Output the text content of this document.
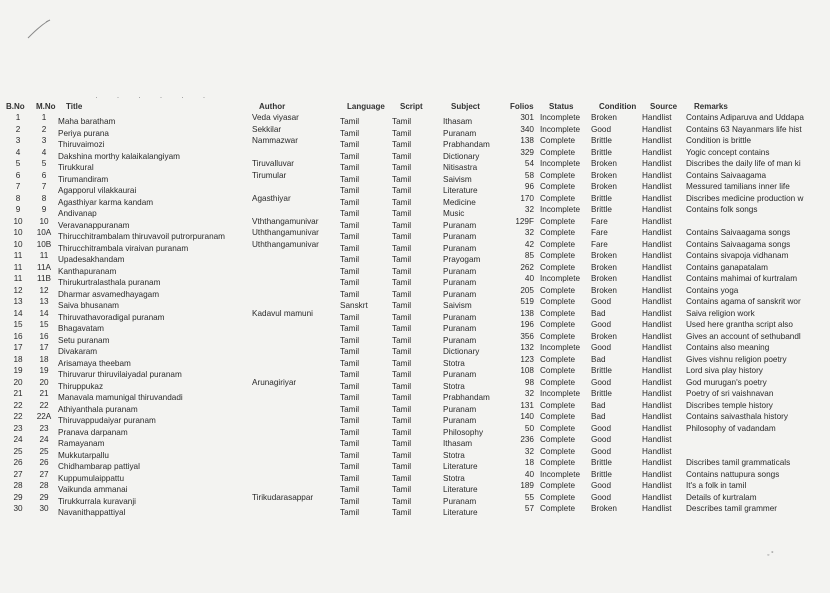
· · · · · ·
B.No M.No Title	Author	Language Script	Subject	Folios Status	Condition Source Remarks
1	1	Maha baratham	Veda viyasar	Tamil	Tamil	Ithasam	301	Incomplete	Broken	Handlist	Contains Adiparuva and Uddapa
2	2	Periya purana	Sekkilar	Tamil	Tamil	Puranam	340	Incomplete	Good	Handlist	Contains 63 Nayanmars life hist
3	3	Thiruvaimozi	Nammazwar	Tamil	Tamil	Prabhandam	138	Complete	Brittle	Handlist	Condition is brittle
4	4	Dakshina morthy kalaikalangiyam		Tamil	Tamil	Dictionary	329	Complete	Brittle	Handlist	Yogic concept contains
5	5	Tirukkural	Tiruvalluvar	Tamil	Tamil	Nitisastra	54	Incomplete	Broken	Handlist	Discribes the daily life of man ki
6	6	Tirumandiram	Tirumular	Tamil	Tamil	Saivism	58	Complete	Broken	Handlist	Contains Saivaagama
7	7	Agapporul vilakkaurai		Tamil	Tamil	Literature	96	Complete	Broken	Handlist	Messured tamilians inner life
8	8	Agasthiyar karma kandam	Agasthiyar	Tamil	Tamil	Medicine	170	Complete	Brittle	Handlist	Discribes medicine production w
9	9	Andivanap		Tamil	Tamil	Music	32	Incomplete	Brittle	Handlist	Contains folk songs
10	10	Veravanappuranam	Vththangamunivar	Tamil	Tamil	Puranam	129F	Complete	Fare	Handlist	
10	10A	Thirucchitrambalam thiruvavoil putrorpuranam	Uththangamunivar	Tamil	Tamil	Puranam	32	Complete	Fare	Handlist	Contains Saivaagama songs
10	10B	Thirucchitrambala viraivan puranam	Uththangamunivar	Tamil	Tamil	Puranam	42	Complete	Fare	Handlist	Contains Saivaagama songs
11	11	Upadesakhandam		Tamil	Tamil	Prayogam	85	Complete	Broken	Handlist	Contains sivapoja vidhanam
11	11A	Kanthapuranam		Tamil	Tamil	Puranam	262	Complete	Broken	Handlist	Contains ganapatalam
11	11B	Thirukurtralasthala puranam		Tamil	Tamil	Puranam	40	Incomplete	Broken	Handlist	Contains mahimai of kurtralam
12	12	Dharmar asvamedhayagam		Tamil	Tamil	Puranam	205	Complete	Broken	Handlist	Contains yoga
13	13	Saiva bhusanam		Sanskrt	Tamil	Saivism	519	Complete	Good	Handlist	Contains agama of sanskrit wor
14	14	Thiruvathavoradigal puranam	Kadavul mamuni	Tamil	Tamil	Puranam	138	Complete	Bad	Handlist	Saiva religion work
15	15	Bhagavatam		Tamil	Tamil	Puranam	196	Complete	Good	Handlist	Used here grantha script also
16	16	Setu puranam		Tamil	Tamil	Puranam	356	Complete	Broken	Handlist	Gives an account of sethubandl
17	17	Divakaram		Tamil	Tamil	Dictionary	132	Incomplete	Good	Handlist	Contains also meaning
18	18	Arisamaya theebam		Tamil	Tamil	Stotra	123	Complete	Bad	Handlist	Gives vishnu religion poetry
19	19	Thiruvarur thiruvilaiyadal puranam		Tamil	Tamil	Puranam	108	Complete	Brittle	Handlist	Lord siva play history
20	20	Thiruppukaz	Arunagiriyar	Tamil	Tamil	Stotra	98	Complete	Good	Handlist	God murugan's poetry
21	21	Manavala mamunigal thiruvandadi		Tamil	Tamil	Prabhandam	32	Incomplete	Brittle	Handlist	Poetry of sri vaishnavan
22	22	Athiyanthala puranam		Tamil	Tamil	Puranam	131	Complete	Bad	Handlist	Discribes temple history
22	22A	Thiruvappudaiyar puranam		Tamil	Tamil	Puranam	140	Complete	Bad	Handlist	Contains saivasthala history
23	23	Pranava darpanam		Tamil	Tamil	Philosophy	50	Complete	Good	Handlist	Philosophy of vadandam
24	24	Ramayanam		Tamil	Tamil	Ithasam	236	Complete	Good	Handlist	
25	25	Mukkutarpallu		Tamil	Tamil	Stotra	32	Complete	Good	Handlist	
26	26	Chidhambarap pattiyal		Tamil	Tamil	Literature	18	Complete	Brittle	Handlist	Discribes tamil grammaticals
27	27	Kuppumulaippattu		Tamil	Tamil	Stotra	40	Incomplete	Brittle	Handlist	Contains nattupura songs
28	28	Vaikunda ammanai		Tamil	Tamil	Literature	189	Complete	Good	Handlist	It's a folk in tamil
29	29	Tirukkurrala kuravanji	Tirikudarasappar	Tamil	Tamil	Puranam	55	Complete	Good	Handlist	Details of kurtralam
30	30	Navanithappattiyal		Tamil	Tamil	Literature	57	Complete	Broken	Handlist	Describes tamil grammer
◦ ˚
